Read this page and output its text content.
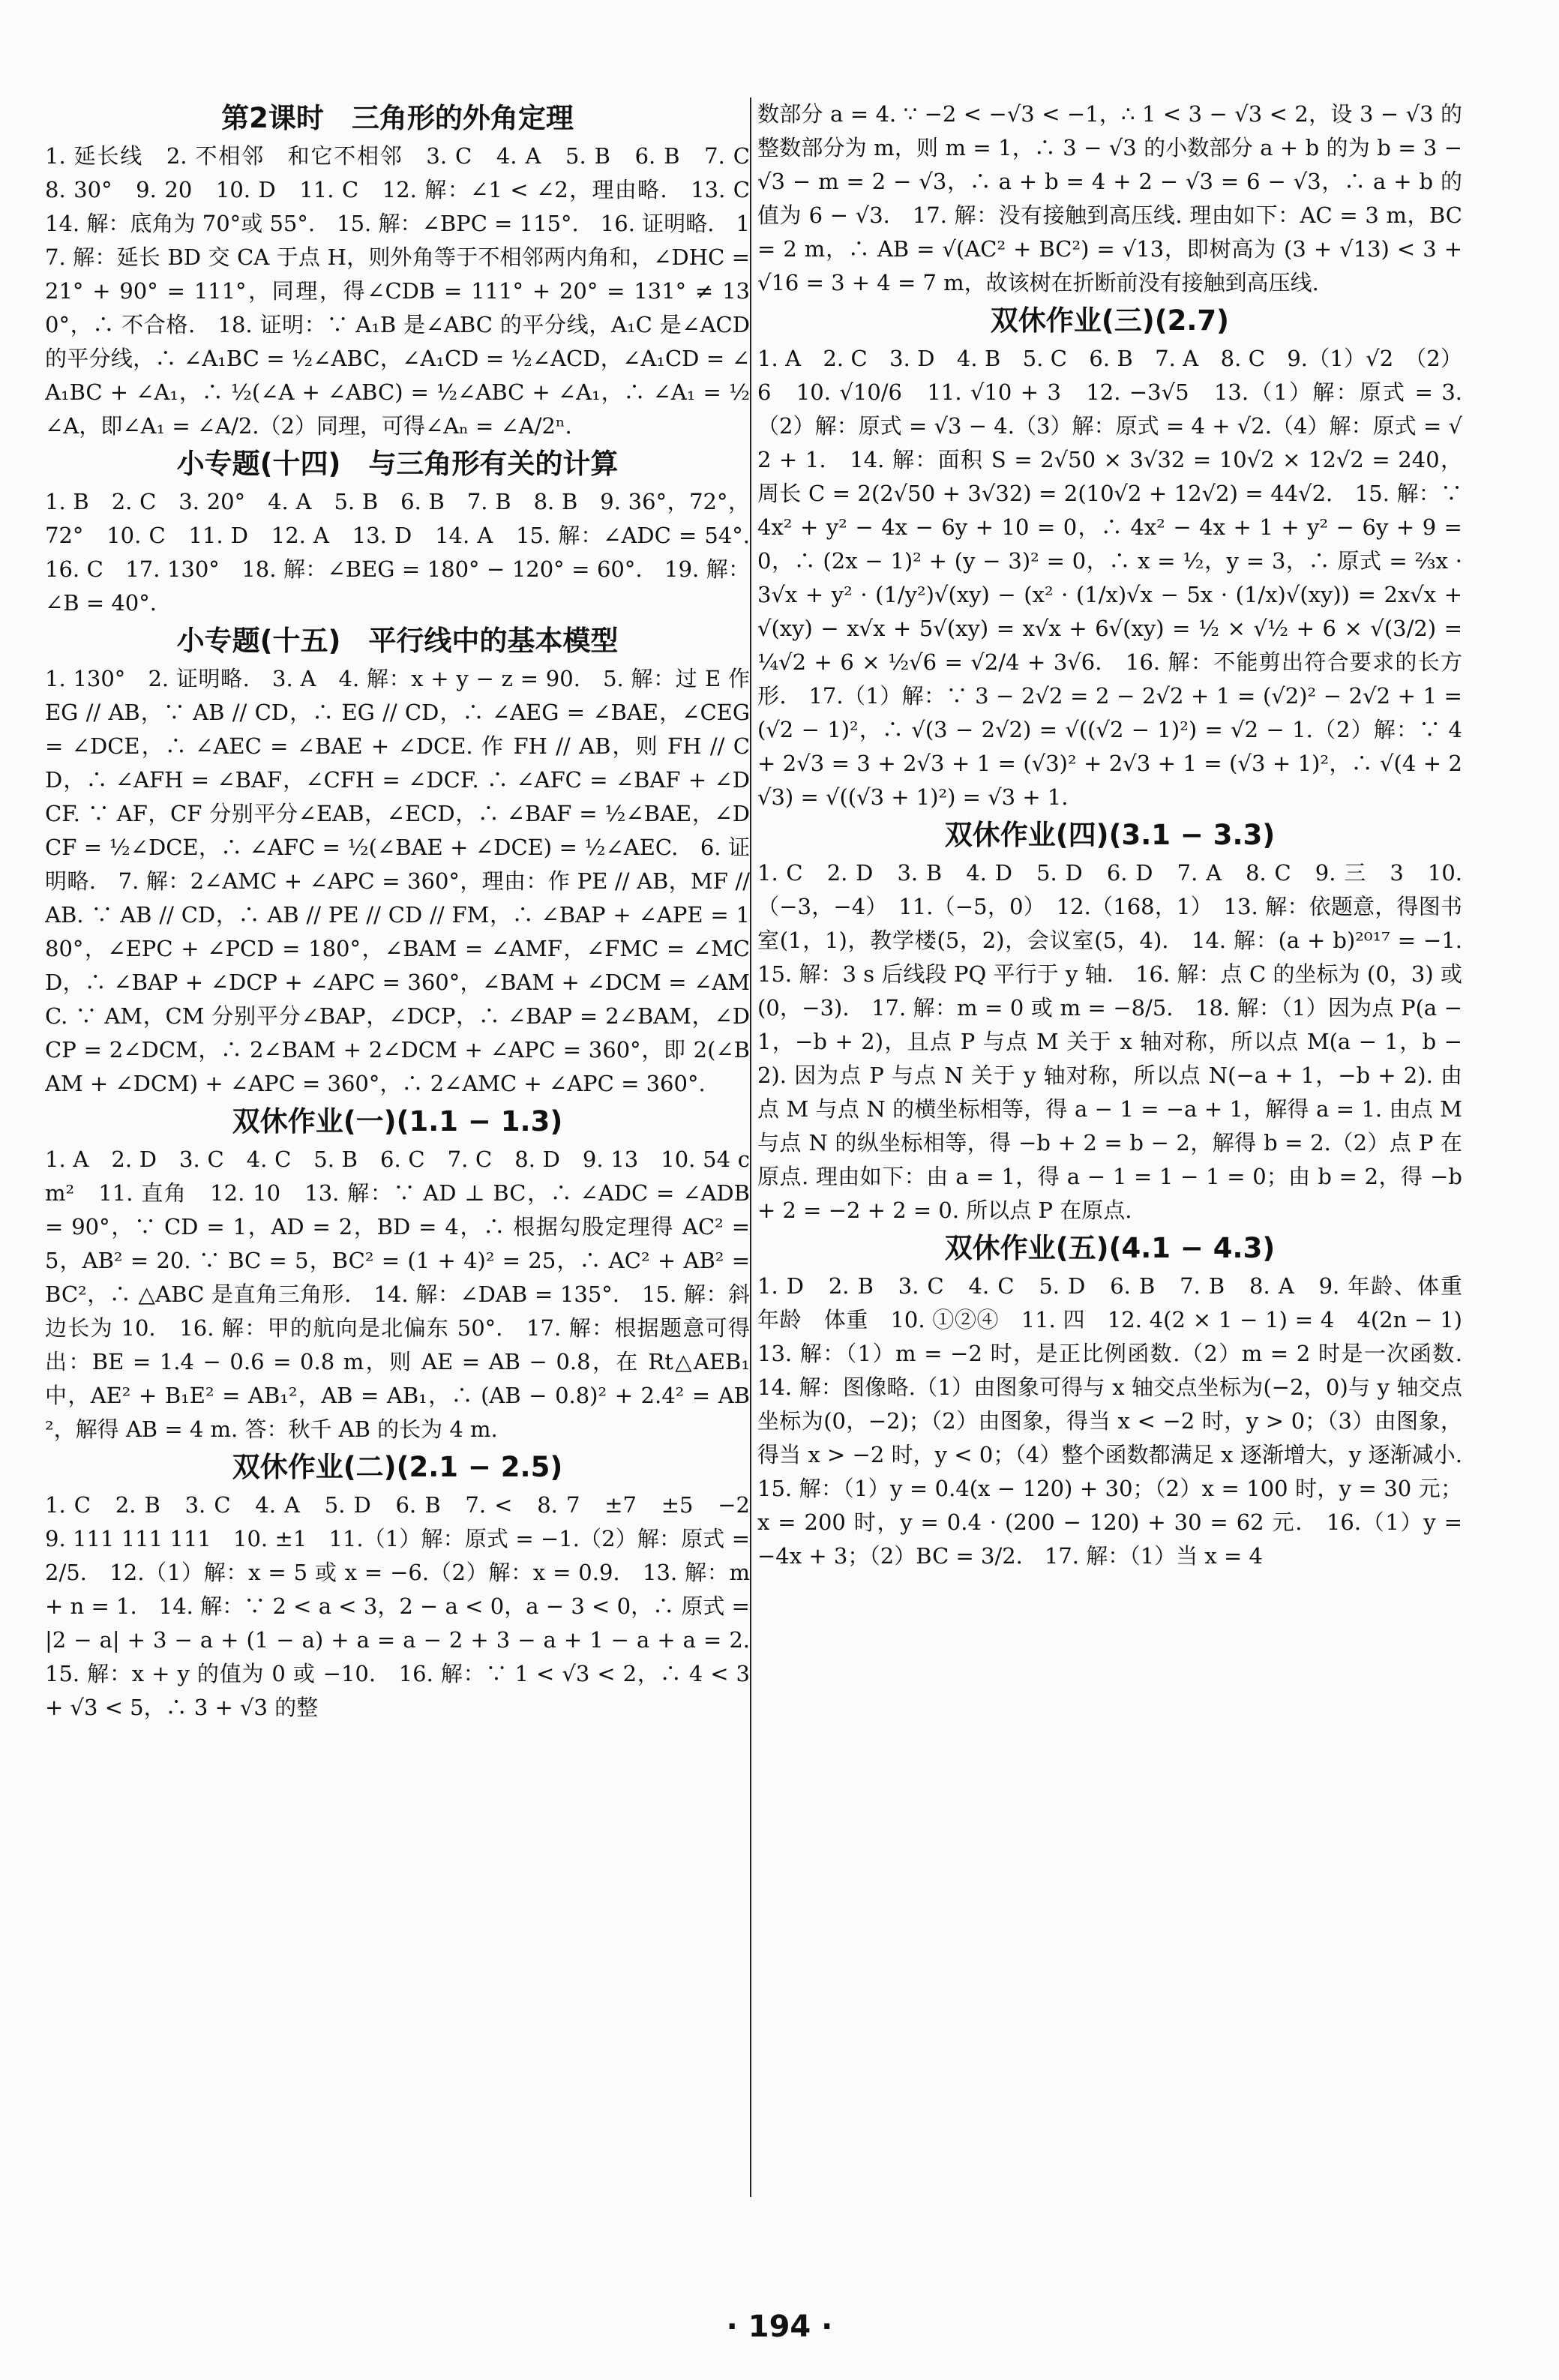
第2课时　三角形的外角定理

1. 延长线　2. 不相邻　和它不相邻　3. C　4. A　5. B　6. B　7. C　8. 30°　9. 20　10. D　11. C　12. 解：∠1 < ∠2，理由略.　13. C　14. 解：底角为 70°或 55°.　15. 解：∠BPC = 115°.　16. 证明略.　17. 解：延长 BD 交 CA 于点 H，则外角等于不相邻两内角和，∠DHC = 21° + 90° = 111°，同理，得∠CDB = 111° + 20° = 131° ≠ 130°，∴ 不合格.　18. 证明：∵ A₁B 是∠ABC 的平分线，A₁C 是∠ACD 的平分线，∴ ∠A₁BC = ½∠ABC，∠A₁CD = ½∠ACD，∠A₁CD = ∠A₁BC + ∠A₁，∴ ½(∠A + ∠ABC) = ½∠ABC + ∠A₁，∴ ∠A₁ = ½∠A，即∠A₁ = ∠A/2.（2）同理，可得∠Aₙ = ∠A/2ⁿ.

小专题(十四)　与三角形有关的计算

1. B　2. C　3. 20°　4. A　5. B　6. B　7. B　8. B　9. 36°，72°，72°　10. C　11. D　12. A　13. D　14. A　15. 解：∠ADC = 54°.　16. C　17. 130°　18. 解：∠BEG = 180° − 120° = 60°.　19. 解：∠B = 40°.

小专题(十五)　平行线中的基本模型

1. 130°　2. 证明略.　3. A　4. 解：x + y − z = 90.　5. 解：过 E 作 EG // AB，∵ AB // CD，∴ EG // CD，∴ ∠AEG = ∠BAE，∠CEG = ∠DCE，∴ ∠AEC = ∠BAE + ∠DCE. 作 FH // AB，则 FH // CD，∴ ∠AFH = ∠BAF，∠CFH = ∠DCF. ∴ ∠AFC = ∠BAF + ∠DCF. ∵ AF，CF 分别平分∠EAB，∠ECD，∴ ∠BAF = ½∠BAE，∠DCF = ½∠DCE，∴ ∠AFC = ½(∠BAE + ∠DCE) = ½∠AEC.　6. 证明略.　7. 解：2∠AMC + ∠APC = 360°，理由：作 PE // AB，MF // AB. ∵ AB // CD，∴ AB // PE // CD // FM，∴ ∠BAP + ∠APE = 180°，∠EPC + ∠PCD = 180°，∠BAM = ∠AMF，∠FMC = ∠MCD，∴ ∠BAP + ∠DCP + ∠APC = 360°，∠BAM + ∠DCM = ∠AMC. ∵ AM，CM 分别平分∠BAP，∠DCP，∴ ∠BAP = 2∠BAM，∠DCP = 2∠DCM，∴ 2∠BAM + 2∠DCM + ∠APC = 360°，即 2(∠BAM + ∠DCM) + ∠APC = 360°，∴ 2∠AMC + ∠APC = 360°.

双休作业(一)(1.1 − 1.3)

1. A　2. D　3. C　4. C　5. B　6. C　7. C　8. D　9. 13　10. 54 cm²　11. 直角　12. 10　13. 解：∵ AD ⊥ BC，∴ ∠ADC = ∠ADB = 90°，∵ CD = 1，AD = 2，BD = 4，∴ 根据勾股定理得 AC² = 5，AB² = 20. ∵ BC = 5，BC² = (1 + 4)² = 25，∴ AC² + AB² = BC²，∴ △ABC 是直角三角形.　14. 解：∠DAB = 135°.　15. 解：斜边长为 10.　16. 解：甲的航向是北偏东 50°.　17. 解：根据题意可得出：BE = 1.4 − 0.6 = 0.8 m，则 AE = AB − 0.8，在 Rt△AEB₁ 中，AE² + B₁E² = AB₁²，AB = AB₁，∴ (AB − 0.8)² + 2.4² = AB²，解得 AB = 4 m. 答：秋千 AB 的长为 4 m.

双休作业(二)(2.1 − 2.5)

1. C　2. B　3. C　4. A　5. D　6. B　7. <　8. 7　±7　±5　−2　9. 111 111 111　10. ±1　11.（1）解：原式 = −1.（2）解：原式 = 2/5.　12.（1）解：x = 5 或 x = −6.（2）解：x = 0.9.　13. 解：m + n = 1.　14. 解：∵ 2 < a < 3，2 − a < 0，a − 3 < 0，∴ 原式 = |2 − a| + 3 − a + (1 − a) + a = a − 2 + 3 − a + 1 − a + a = 2.　15. 解：x + y 的值为 0 或 −10.　16. 解：∵ 1 < √3 < 2，∴ 4 < 3 + √3 < 5，∴ 3 + √3 的整

数部分 a = 4. ∵ −2 < −√3 < −1，∴ 1 < 3 − √3 < 2，设 3 − √3 的整数部分为 m，则 m = 1，∴ 3 − √3 的小数部分 a + b 的为 b = 3 − √3 − m = 2 − √3，∴ a + b = 4 + 2 − √3 = 6 − √3，∴ a + b 的值为 6 − √3.　17. 解：没有接触到高压线. 理由如下：AC = 3 m，BC = 2 m，∴ AB = √(AC² + BC²) = √13，即树高为 (3 + √13) < 3 + √16 = 3 + 4 = 7 m，故该树在折断前没有接触到高压线.

双休作业(三)(2.7)

1. A　2. C　3. D　4. B　5. C　6. B　7. A　8. C　9.（1）√2　（2）6　10. √10/6　11. √10 + 3　12. −3√5　13.（1）解：原式 = 3.（2）解：原式 = √3 − 4.（3）解：原式 = 4 + √2.（4）解：原式 = √2 + 1.　14. 解：面积 S = 2√50 × 3√32 = 10√2 × 12√2 = 240，周长 C = 2(2√50 + 3√32) = 2(10√2 + 12√2) = 44√2.　15. 解：∵ 4x² + y² − 4x − 6y + 10 = 0，∴ 4x² − 4x + 1 + y² − 6y + 9 = 0，∴ (2x − 1)² + (y − 3)² = 0，∴ x = ½，y = 3，∴ 原式 = ⅔x · 3√x + y² · (1/y²)√(xy) − (x² · (1/x)√x − 5x · (1/x)√(xy)) = 2x√x + √(xy) − x√x + 5√(xy) = x√x + 6√(xy) = ½ × √½ + 6 × √(3/2) = ¼√2 + 6 × ½√6 = √2/4 + 3√6.　16. 解：不能剪出符合要求的长方形.　17.（1）解：∵ 3 − 2√2 = 2 − 2√2 + 1 = (√2)² − 2√2 + 1 = (√2 − 1)²，∴ √(3 − 2√2) = √((√2 − 1)²) = √2 − 1.（2）解：∵ 4 + 2√3 = 3 + 2√3 + 1 = (√3)² + 2√3 + 1 = (√3 + 1)²，∴ √(4 + 2√3) = √((√3 + 1)²) = √3 + 1.

双休作业(四)(3.1 − 3.3)

1. C　2. D　3. B　4. D　5. D　6. D　7. A　8. C　9. 三　3　10.（−3，−4）　11.（−5，0）　12.（168，1）　13. 解：依题意，得图书室(1，1)，教学楼(5，2)，会议室(5，4).　14. 解：(a + b)²⁰¹⁷ = −1.　15. 解：3 s 后线段 PQ 平行于 y 轴.　16. 解：点 C 的坐标为 (0，3) 或 (0，−3).　17. 解：m = 0 或 m = −8/5.　18. 解：（1）因为点 P(a − 1，−b + 2)，且点 P 与点 M 关于 x 轴对称，所以点 M(a − 1，b − 2). 因为点 P 与点 N 关于 y 轴对称，所以点 N(−a + 1，−b + 2). 由点 M 与点 N 的横坐标相等，得 a − 1 = −a + 1，解得 a = 1. 由点 M 与点 N 的纵坐标相等，得 −b + 2 = b − 2，解得 b = 2.（2）点 P 在原点. 理由如下：由 a = 1，得 a − 1 = 1 − 1 = 0；由 b = 2，得 −b + 2 = −2 + 2 = 0. 所以点 P 在原点.

双休作业(五)(4.1 − 4.3)

1. D　2. B　3. C　4. C　5. D　6. B　7. B　8. A　9. 年龄、体重　年龄　体重　10. ①②④　11. 四　12. 4(2 × 1 − 1) = 4　4(2n − 1)　13. 解：（1）m = −2 时，是正比例函数.（2）m = 2 时是一次函数.　14. 解：图像略.（1）由图象可得与 x 轴交点坐标为(−2，0)与 y 轴交点坐标为(0，−2)；（2）由图象，得当 x < −2 时，y > 0；（3）由图象，得当 x > −2 时，y < 0；（4）整个函数都满足 x 逐渐增大，y 逐渐减小.　15. 解：（1）y = 0.4(x − 120) + 30；（2）x = 100 时，y = 30 元；x = 200 时，y = 0.4 · (200 − 120) + 30 = 62 元.　16.（1）y = −4x + 3；（2）BC = 3/2.　17. 解：（1）当 x = 4

· 194 ·
